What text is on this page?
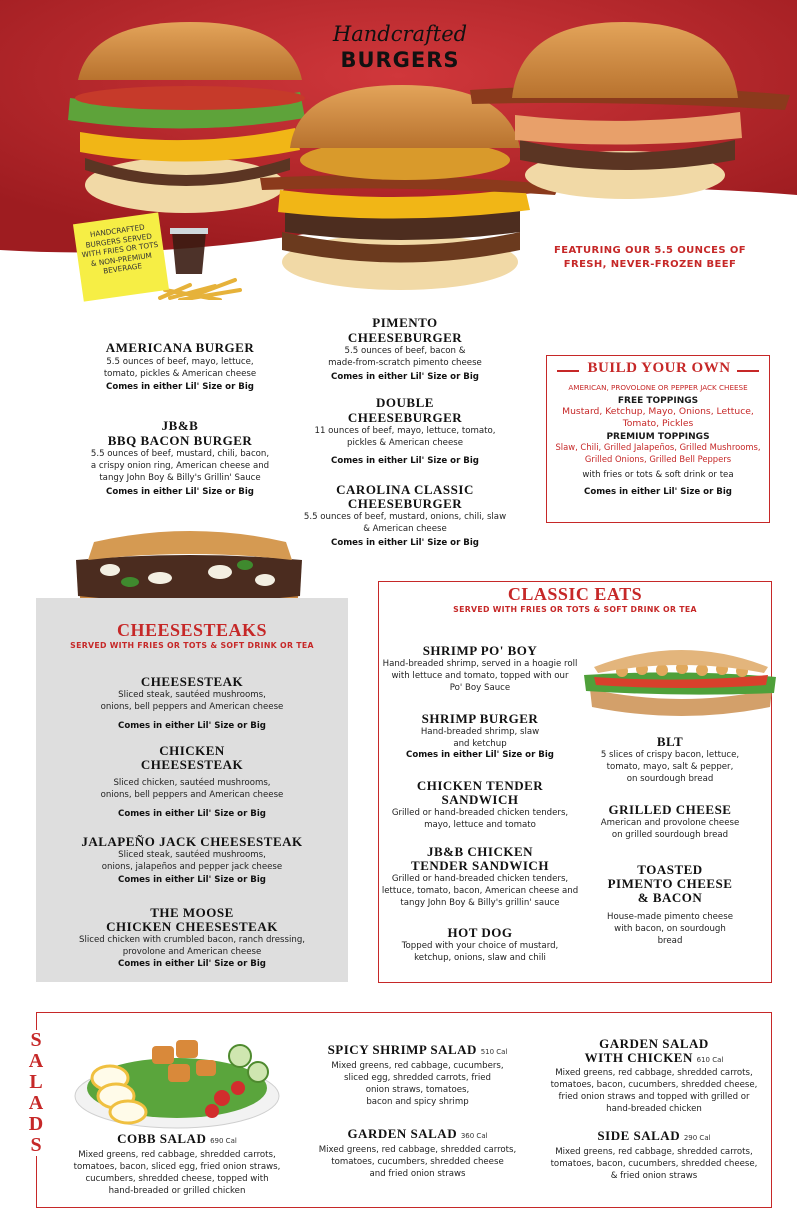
Handcrafted
BURGERS
HANDCRAFTED BURGERS SERVED WITH FRIES OR TOTS & NON-PREMIUM BEVERAGE
FEATURING OUR 5.5 OUNCES OF
FRESH, NEVER-FROZEN BEEF
AMERICANA BURGER
5.5 ounces of beef, mayo, lettuce,
tomato, pickles & American cheese
Comes in either Lil' Size or Big
JB&B
BBQ BACON BURGER
5.5 ounces of beef, mustard, chili, bacon,
a crispy onion ring, American cheese and
tangy John Boy & Billy's Grillin' Sauce
Comes in either Lil' Size or Big
PIMENTO
CHEESEBURGER
5.5 ounces of beef, bacon &
made-from-scratch pimento cheese
Comes in either Lil' Size or Big
DOUBLE
CHEESEBURGER
11 ounces of beef, mayo, lettuce, tomato,
pickles & American cheese
Comes in either Lil' Size or Big
CAROLINA CLASSIC
CHEESEBURGER
5.5 ounces of beef, mustard, onions, chili, slaw
& American cheese
Comes in either Lil' Size or Big
BUILD YOUR OWN
AMERICAN, PROVOLONE OR PEPPER JACK CHEESE
FREE TOPPINGS
Mustard, Ketchup, Mayo, Onions, Lettuce,
Tomato, Pickles
PREMIUM TOPPINGS
Slaw, Chili, Grilled Jalapeños, Grilled Mushrooms,
Grilled Onions, Grilled Bell Peppers
with fries or tots & soft drink or tea
Comes in either Lil' Size or Big
CHEESESTEAKS
SERVED WITH FRIES OR TOTS & SOFT DRINK OR TEA
CHEESESTEAK
Sliced steak, sautéed mushrooms,
onions, bell peppers and American cheese
Comes in either Lil' Size or Big
CHICKEN
CHEESESTEAK
Sliced chicken, sautéed mushrooms,
onions, bell peppers and American cheese
Comes in either Lil' Size or Big
JALAPEÑO JACK CHEESESTEAK
Sliced steak, sautéed mushrooms,
onions, jalapeños and pepper jack cheese
Comes in either Lil' Size or Big
THE MOOSE
CHICKEN CHEESESTEAK
Sliced chicken with crumbled bacon, ranch dressing,
provolone and American cheese
Comes in either Lil' Size or Big
CLASSIC EATS
SERVED WITH FRIES OR TOTS & SOFT DRINK OR TEA
SHRIMP PO' BOY
Hand-breaded shrimp, served in a hoagie roll
with lettuce and tomato, topped with our
Po' Boy Sauce
SHRIMP BURGER
Hand-breaded shrimp, slaw
and ketchup
Comes in either Lil' Size or Big
CHICKEN TENDER
SANDWICH
Grilled or hand-breaded chicken tenders,
mayo, lettuce and tomato
JB&B CHICKEN
TENDER SANDWICH
Grilled or hand-breaded chicken tenders,
lettuce, tomato, bacon, American cheese and
tangy John Boy & Billy's grillin' sauce
HOT DOG
Topped with your choice of mustard,
ketchup, onions, slaw and chili
BLT
5 slices of crispy bacon, lettuce,
tomato, mayo, salt & pepper,
on sourdough bread
GRILLED CHEESE
American and provolone cheese
on grilled sourdough bread
TOASTED
PIMENTO CHEESE
& BACON
House-made pimento cheese
with bacon, on sourdough
bread
S
A
L
A
D
S	COBB SALAD 690 Cal
Mixed greens, red cabbage, shredded carrots,
tomatoes, bacon, sliced egg, fried onion straws,
cucumbers, shredded cheese, topped with
hand-breaded or grilled chicken
SPICY SHRIMP SALAD 510 Cal
Mixed greens, red cabbage, cucumbers,
sliced egg, shredded carrots, fried
onion straws, tomatoes,
bacon and spicy shrimp
GARDEN SALAD 360 Cal
Mixed greens, red cabbage, shredded carrots,
tomatoes, cucumbers, shredded cheese
and fried onion straws
GARDEN SALAD
WITH CHICKEN 610 Cal
Mixed greens, red cabbage, shredded carrots,
tomatoes, bacon, cucumbers, shredded cheese,
fried onion straws and topped with grilled or
hand-breaded chicken
SIDE SALAD 290 Cal
Mixed greens, red cabbage, shredded carrots,
tomatoes, bacon, cucumbers, shredded cheese,
& fried onion straws
